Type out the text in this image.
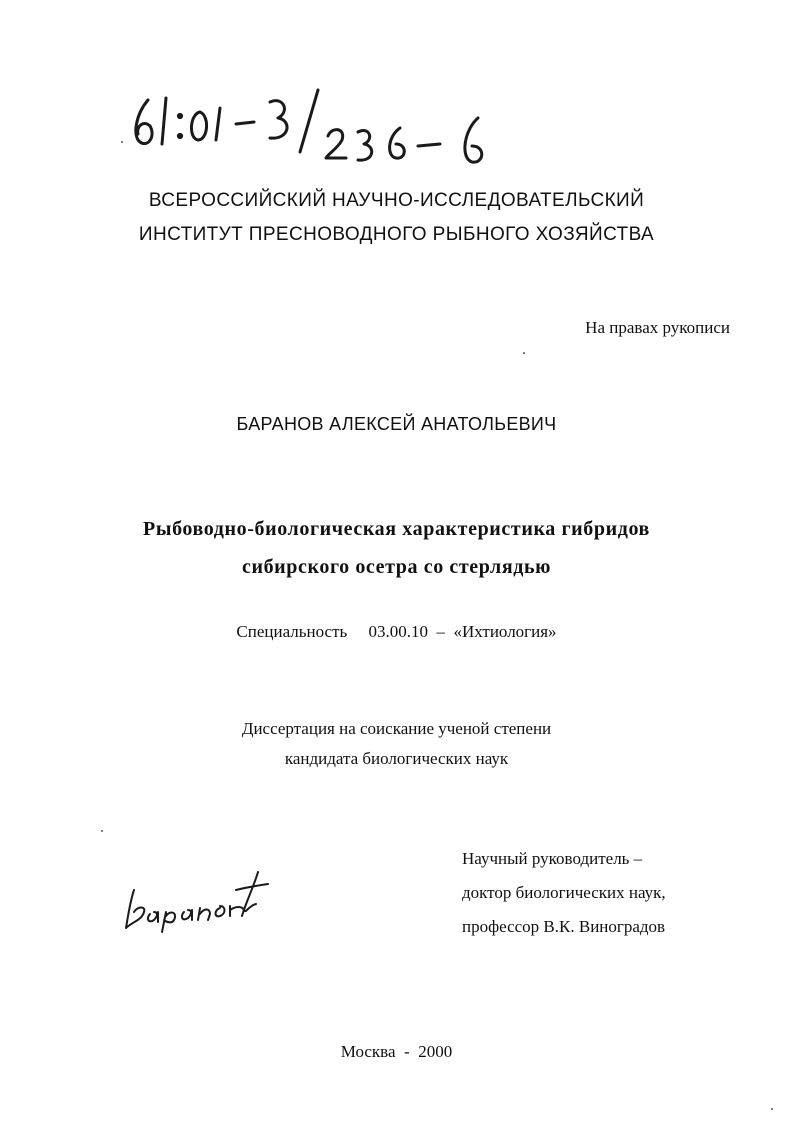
61:01-3/236-6
ВСЕРОССИЙСКИЙ НАУЧНО-ИССЛЕДОВАТЕЛЬСКИЙ
ИНСТИТУТ ПРЕСНОВОДНОГО РЫБНОГО ХОЗЯЙСТВА
На правах рукописи
БАРАНОВ АЛЕКСЕЙ АНАТОЛЬЕВИЧ
Рыбоводно-биологическая характеристика гибридов
сибирского осетра со стерлядью
Специальность 03.00.10 – «Ихтиология»
Диссертация на соискание ученой степени
кандидата биологических наук
Научный руководитель –
доктор биологических наук,
профессор В.К. Виноградов
Баранов
Москва - 2000
